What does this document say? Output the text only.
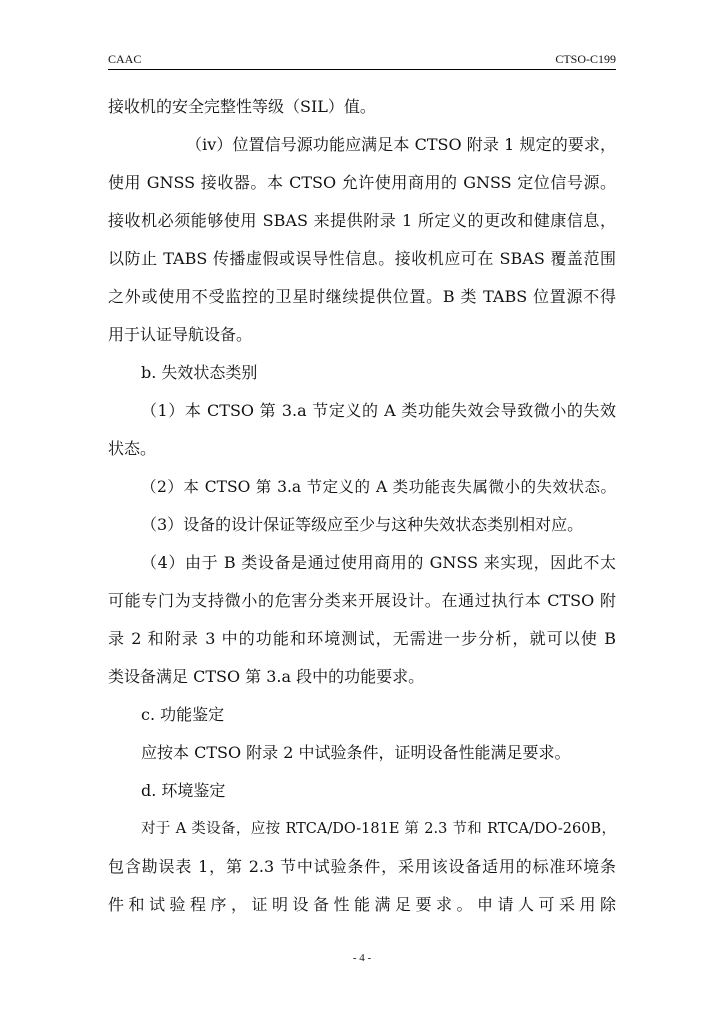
CAAC	CTSO-C199
接收机的安全完整性等级（SIL）值。
（iv）位置信号源功能应满足本 CTSO 附录 1 规定的要求，
使用 GNSS 接收器。本 CTSO 允许使用商用的 GNSS 定位信号源。
接收机必须能够使用 SBAS 来提供附录 1 所定义的更改和健康信息，
以防止 TABS 传播虚假或误导性信息。接收机应可在 SBAS 覆盖范围
之外或使用不受监控的卫星时继续提供位置。B 类 TABS 位置源不得
用于认证导航设备。
b. 失效状态类别
（1）本 CTSO 第 3.a 节定义的 A 类功能失效会导致微小的失效
状态。
（2）本 CTSO 第 3.a 节定义的 A 类功能丧失属微小的失效状态。
（3）设备的设计保证等级应至少与这种失效状态类别相对应。
（4）由于 B 类设备是通过使用商用的 GNSS 来实现，因此不太
可能专门为支持微小的危害分类来开展设计。在通过执行本 CTSO 附
录 2 和附录 3 中的功能和环境测试，无需进一步分析，就可以使 B
类设备满足 CTSO 第 3.a 段中的功能要求。
c. 功能鉴定
应按本 CTSO 附录 2 中试验条件，证明设备性能满足要求。
d. 环境鉴定
对于 A 类设备，应按 RTCA/DO-181E 第 2.3 节和 RTCA/DO-260B，
包含勘误表 1，第 2.3 节中试验条件，采用该设备适用的标准环境条
件和试验程序，证明设备性能满足要求。申请人可采用除
- 4 -
